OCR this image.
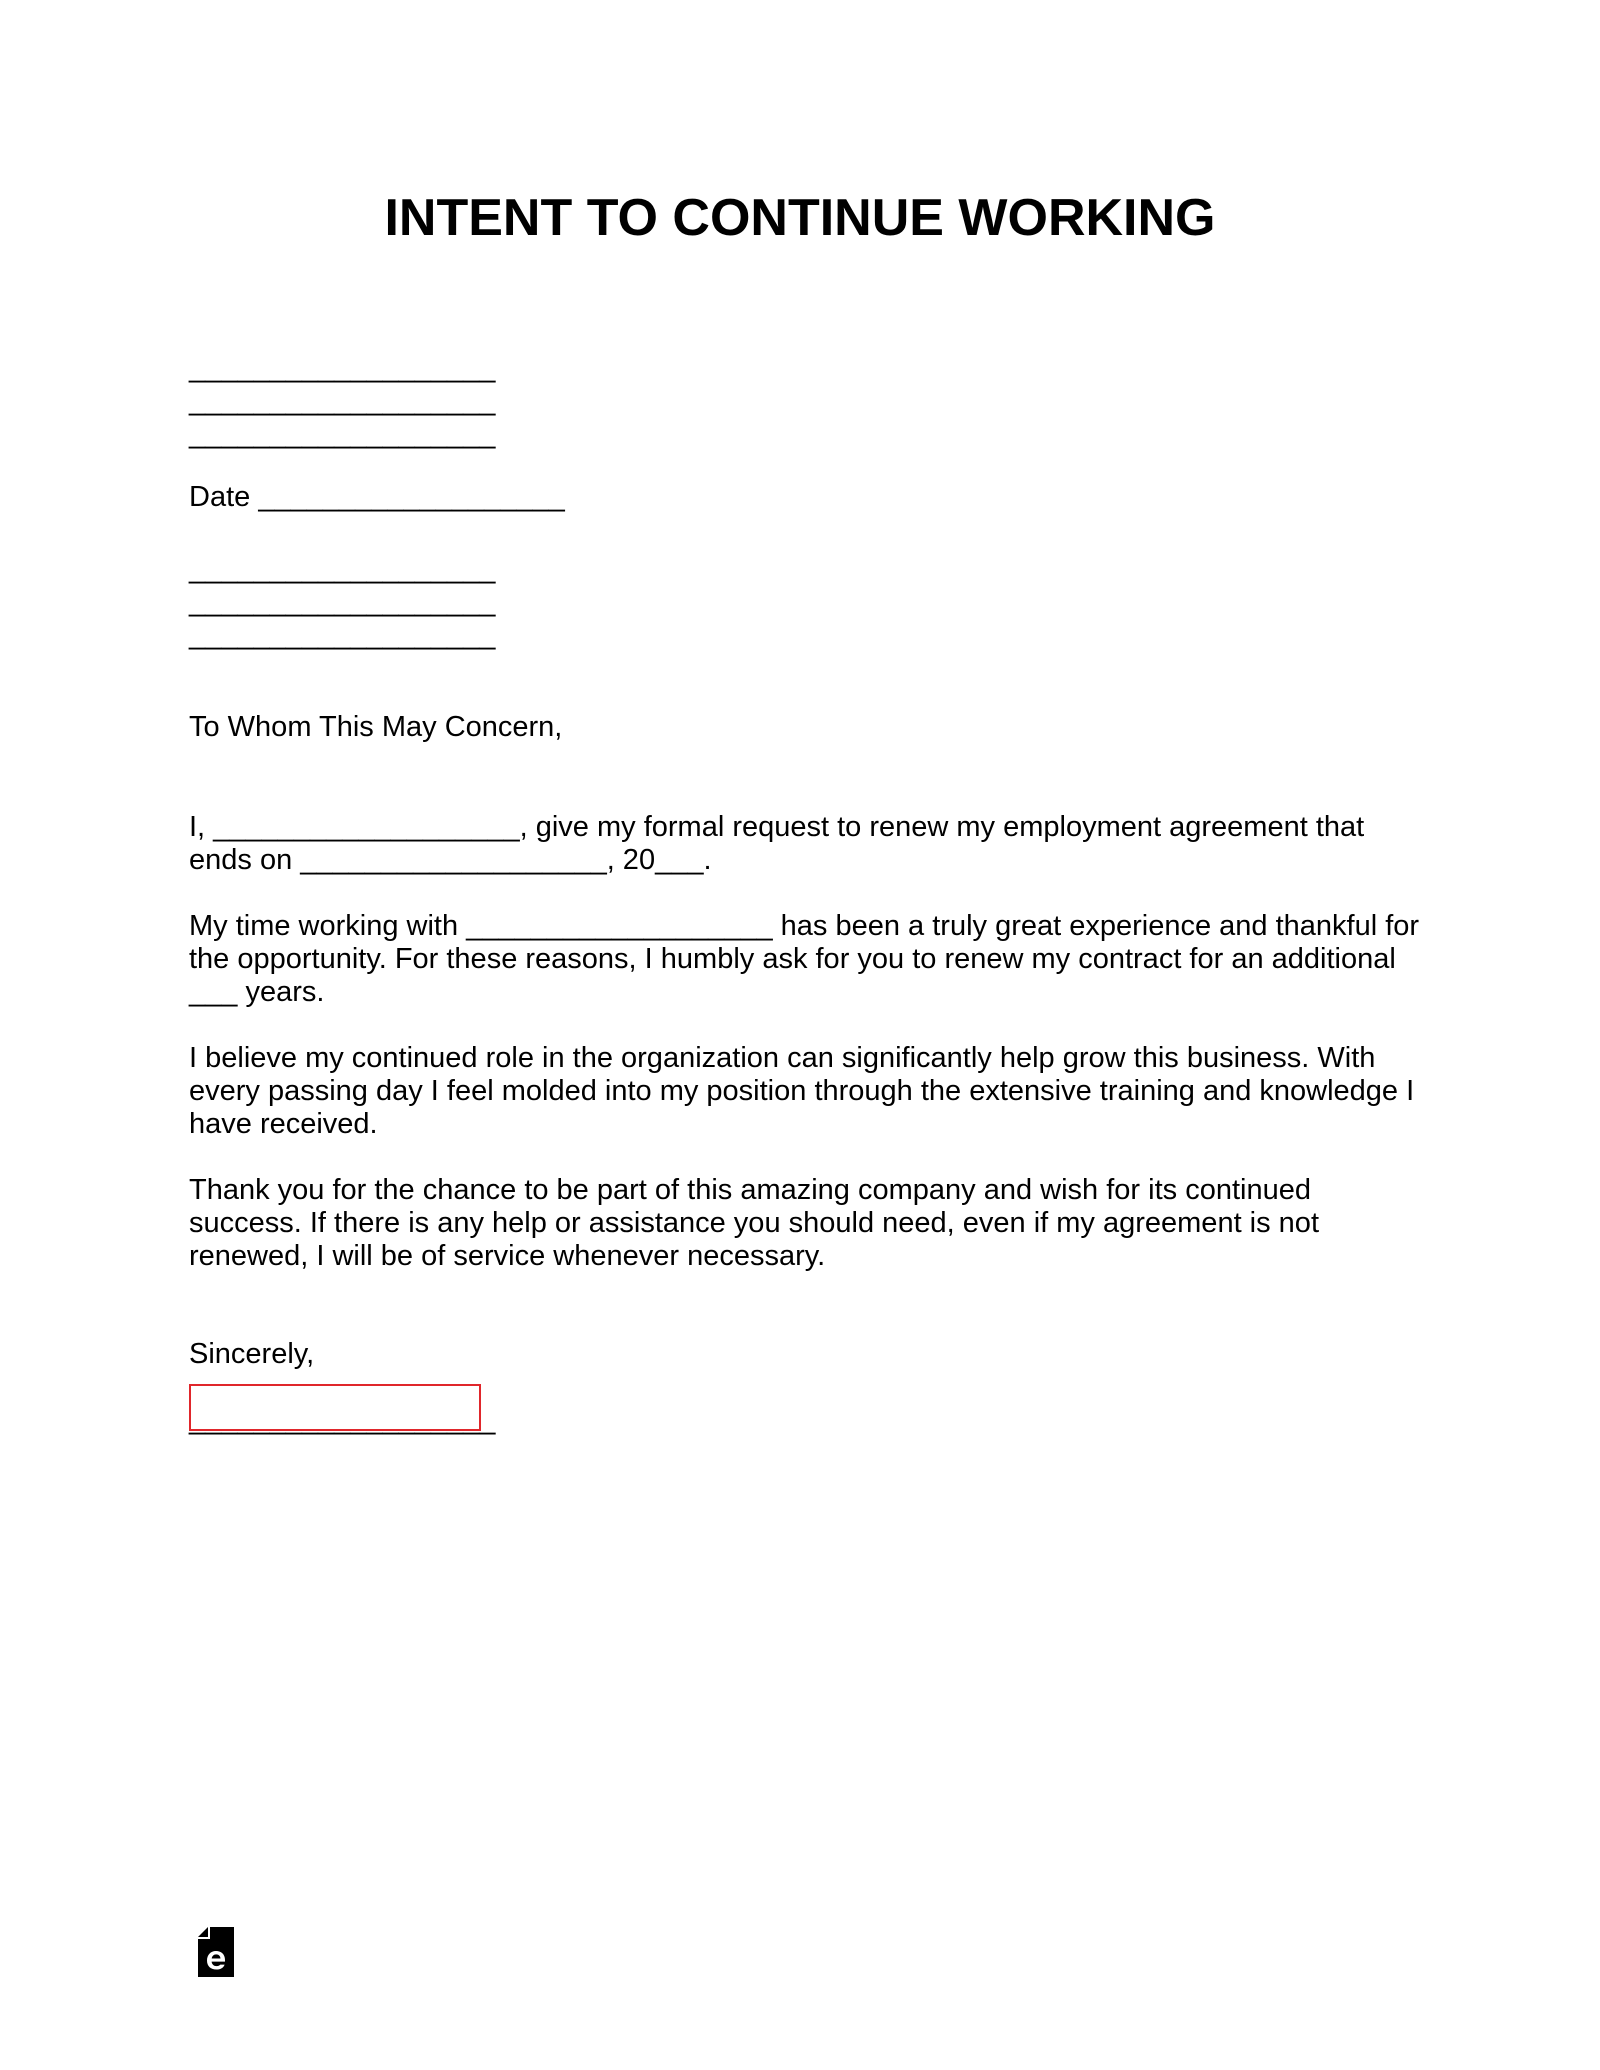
INTENT TO CONTINUE WORKING
___________________
___________________
___________________
Date ___________________
___________________
___________________
___________________
To Whom This May Concern,
I, ___________________, give my formal request to renew my employment agreement that
ends on ___________________, 20___.
My time working with ___________________ has been a truly great experience and thankful for
the opportunity. For these reasons, I humbly ask for you to renew my contract for an additional
___ years.
I believe my continued role in the organization can significantly help grow this business. With
every passing day I feel molded into my position through the extensive training and knowledge I
have received.
Thank you for the chance to be part of this amazing company and wish for its continued
success. If there is any help or assistance you should need, even if my agreement is not
renewed, I will be of service whenever necessary.
Sincerely,
___________________
